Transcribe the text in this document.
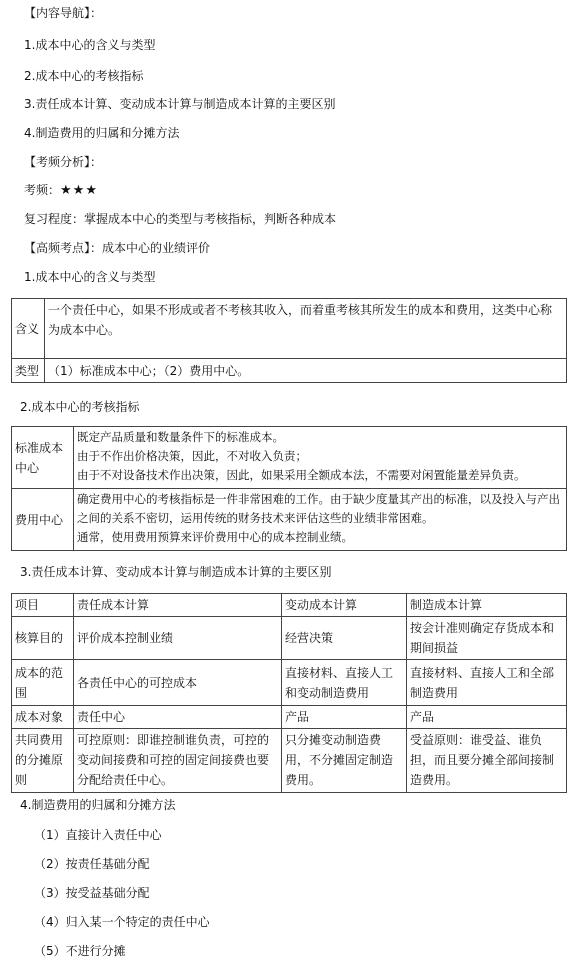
【内容导航】：
1.成本中心的含义与类型
2.成本中心的考核指标
3.责任成本计算、变动成本计算与制造成本计算的主要区别
4.制造费用的归属和分摊方法
【考频分析】：
考频：★★★
复习程度：掌握成本中心的类型与考核指标，判断各种成本
【高频考点】：成本中心的业绩评价
1.成本中心的含义与类型
含义	一个责任中心，如果不形成或者不考核其收入，而着重考核其所发生的成本和费用，这类中心称为成本中心。
类型	（1）标准成本中心；（2）费用中心。
2.成本中心的考核指标
标准成本中心	既定产品质量和数量条件下的标准成本。
由于不作出价格决策，因此，不对收入负责；
由于不对设备技术作出决策，因此，如果采用全额成本法，不需要对闲置能量差异负责。

费用中心	确定费用中心的考核指标是一件非常困难的工作。由于缺少度量其产出的标准，以及投入与产出之间的关系不密切，运用传统的财务技术来评估这些的业绩非常困难。
通常，使用费用预算来评价费用中心的成本控制业绩。
3.责任成本计算、变动成本计算与制造成本计算的主要区别
项目	责任成本计算	变动成本计算	制造成本计算
核算目的	评价成本控制业绩	经营决策	按会计准则确定存货成本和期间损益
成本的范围	各责任中心的可控成本	直接材料、直接人工和变动制造费用	直接材料、直接人工和全部制造费用
成本对象	责任中心	产品	产品
共同费用的分摊原则	可控原则：即谁控制谁负责，可控的变动间接费和可控的固定间接费也要分配给责任中心。	只分摊变动制造费用，不分摊固定制造费用。	受益原则：谁受益、谁负担，而且要分摊全部间接制造费用。
4.制造费用的归属和分摊方法
（1）直接计入责任中心
（2）按责任基础分配
（3）按受益基础分配
（4）归入某一个特定的责任中心
（5）不进行分摊
